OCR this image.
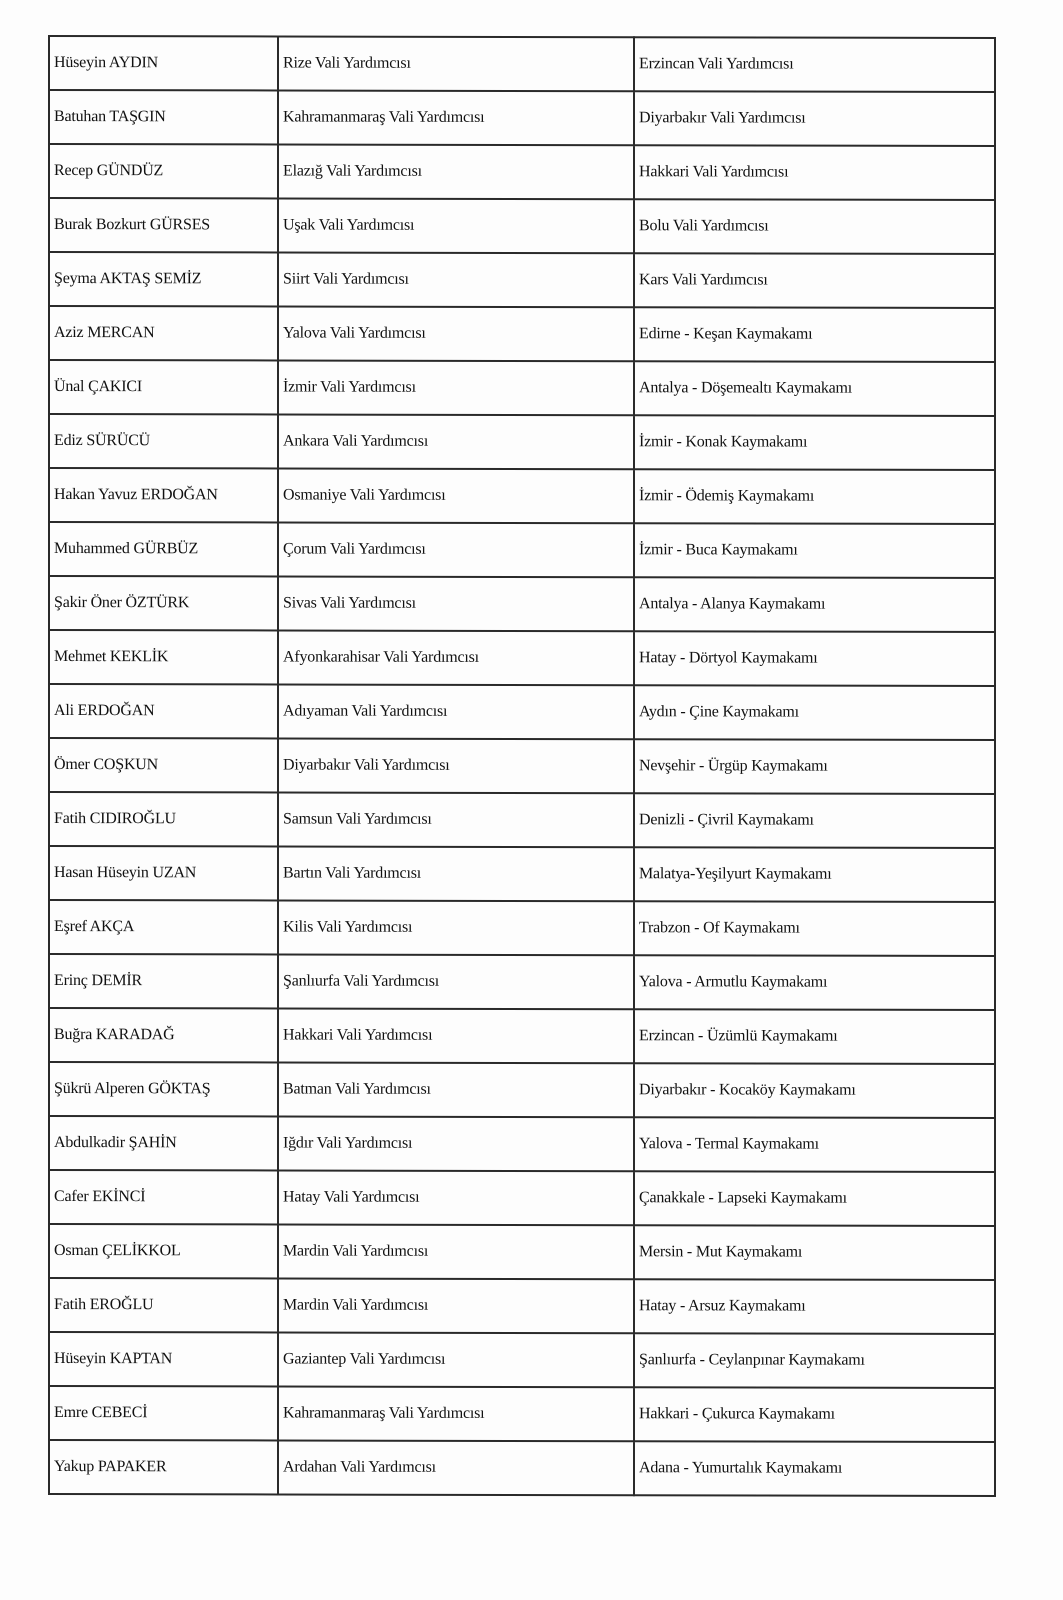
Hüseyin AYDIN	Rize Vali Yardımcısı	Erzincan Vali Yardımcısı
Batuhan TAŞGIN	Kahramanmaraş Vali Yardımcısı	Diyarbakır Vali Yardımcısı
Recep GÜNDÜZ	Elazığ Vali Yardımcısı	Hakkari Vali Yardımcısı
Burak Bozkurt GÜRSES	Uşak Vali Yardımcısı	Bolu Vali Yardımcısı
Şeyma AKTAŞ SEMİZ	Siirt Vali Yardımcısı	Kars Vali Yardımcısı
Aziz MERCAN	Yalova Vali Yardımcısı	Edirne - Keşan Kaymakamı
Ünal ÇAKICI	İzmir Vali Yardımcısı	Antalya - Döşemealtı Kaymakamı
Ediz SÜRÜCÜ	Ankara Vali Yardımcısı	İzmir - Konak Kaymakamı
Hakan Yavuz ERDOĞAN	Osmaniye Vali Yardımcısı	İzmir - Ödemiş Kaymakamı
Muhammed GÜRBÜZ	Çorum Vali Yardımcısı	İzmir - Buca Kaymakamı
Şakir Öner ÖZTÜRK	Sivas Vali Yardımcısı	Antalya - Alanya Kaymakamı
Mehmet KEKLİK	Afyonkarahisar Vali Yardımcısı	Hatay - Dörtyol Kaymakamı
Ali ERDOĞAN	Adıyaman Vali Yardımcısı	Aydın - Çine Kaymakamı
Ömer COŞKUN	Diyarbakır Vali Yardımcısı	Nevşehir - Ürgüp Kaymakamı
Fatih CIDIROĞLU	Samsun Vali Yardımcısı	Denizli - Çivril Kaymakamı
Hasan Hüseyin UZAN	Bartın Vali Yardımcısı	Malatya-Yeşilyurt Kaymakamı
Eşref AKÇA	Kilis Vali Yardımcısı	Trabzon - Of Kaymakamı
Erinç DEMİR	Şanlıurfa Vali Yardımcısı	Yalova - Armutlu Kaymakamı
Buğra KARADAĞ	Hakkari Vali Yardımcısı	Erzincan - Üzümlü Kaymakamı
Şükrü Alperen GÖKTAŞ	Batman Vali Yardımcısı	Diyarbakır - Kocaköy Kaymakamı
Abdulkadir ŞAHİN	Iğdır Vali Yardımcısı	Yalova - Termal Kaymakamı
Cafer EKİNCİ	Hatay Vali Yardımcısı	Çanakkale - Lapseki Kaymakamı
Osman ÇELİKKOL	Mardin Vali Yardımcısı	Mersin - Mut Kaymakamı
Fatih EROĞLU	Mardin Vali Yardımcısı	Hatay - Arsuz Kaymakamı
Hüseyin KAPTAN	Gaziantep Vali Yardımcısı	Şanlıurfa - Ceylanpınar Kaymakamı
Emre CEBECİ	Kahramanmaraş Vali Yardımcısı	Hakkari - Çukurca Kaymakamı
Yakup PAPAKER	Ardahan Vali Yardımcısı	Adana - Yumurtalık Kaymakamı
